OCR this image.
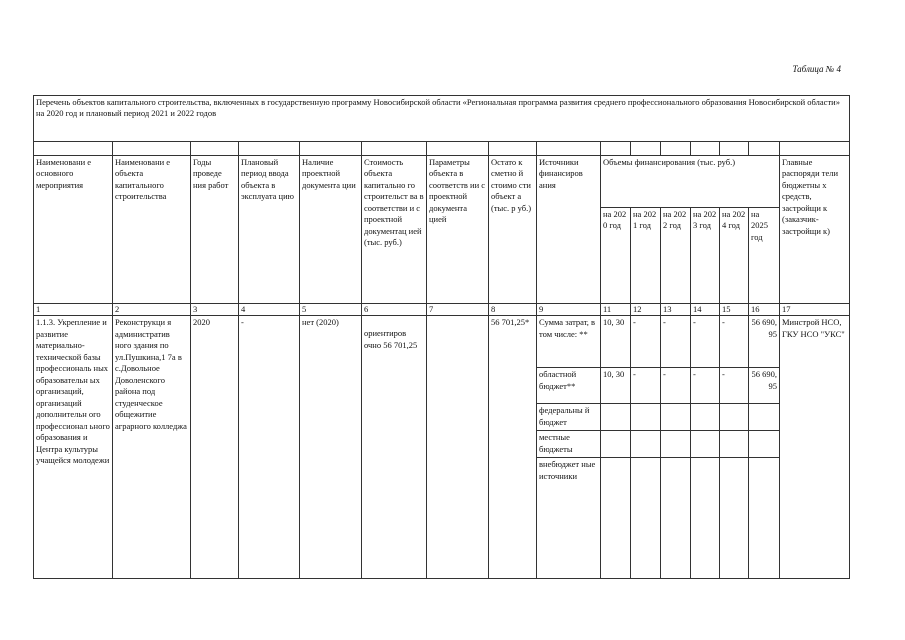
Таблица № 4
Перечень объектов капитального строительства, включенных в государственную программу Новосибирской области «Региональная программа развития среднего профессионального образования Новосибирской области» на 2020 год и плановый период 2021 и 2022 годов															

Наименовани е основного мероприятия	Наименовани е объекта капитального строительства	Годы проведе ния работ	Плановый период ввода объекта в эксплуата цию	Наличие проектной документа ции	Стоимость объекта капитально го строительст ва в соответстви и с проектной документац ией (тыс. руб.)	Параметры объекта в соответств ии с проектной документа цией	Остато к сметно й стоимо сти объект а (тыс. р уб.)	Источники финансиров ания	Объемы финансирования (тыс. руб.)						Главные распоряди тели бюджетны х средств, застройщи к (заказчик-застройщи к)
									на 202 0 год	на 202 1 год	на 202 2 год	на 202 3 год	на 202 4 год	на 2025 год	
1	2	3	4	5	6	7	8	9	11	12	13	14	15	16	17
1.1.3. Укрепление и развитие материально-технической базы профессиональ ных образовательн ых организаций, организаций дополнительн ого профессионал ьного образования и Центра культуры учащейся молодежи	Реконструкци я административ ного здания по ул.Пушкина,1 7а в с.Довольное Доволенского района под студенческое общежитие аграрного колледжа	2020	-	нет (2020)	ориентиров очно 56 701,25		56 701,25*	Сумма затрат, в том числе: **	10, 30	-	-	-	-	56 690, 95	Минстрой НСО, ГКУ НСО "УКС"
								областной бюджет**	10, 30	-	-	-	-	56 690, 95	
								федеральны й бюджет							
								местные бюджеты							
								внебюджет ные источники							
